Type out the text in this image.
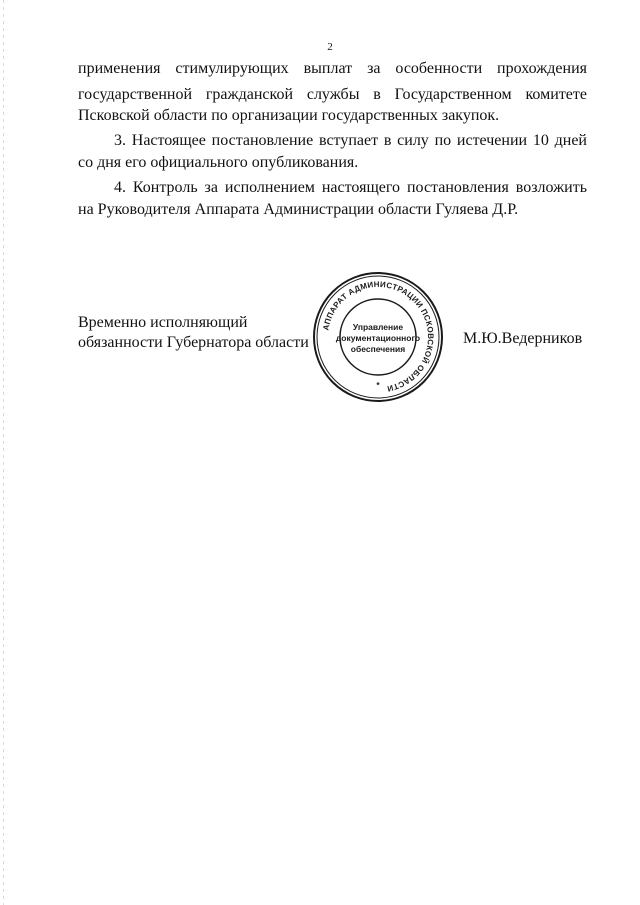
2
применения стимулирующих выплат за особенности прохождения
государственной гражданской службы в Государственном комитете
Псковской области по организации государственных закупок.
3. Настоящее постановление вступает в силу по истечении 10 дней
со дня его официального опубликования.
4. Контроль за исполнением настоящего постановления возложить
на Руководителя Аппарата Администрации области Гуляева Д.Р.
Временно исполняющий
обязанности Губернатора области
АППАРАТ АДМИНИСТРАЦИИ ПСКОВСКОЙ ОБЛАСТИ
Управление
документационного
обеспечения
*
М.Ю.Ведерников
